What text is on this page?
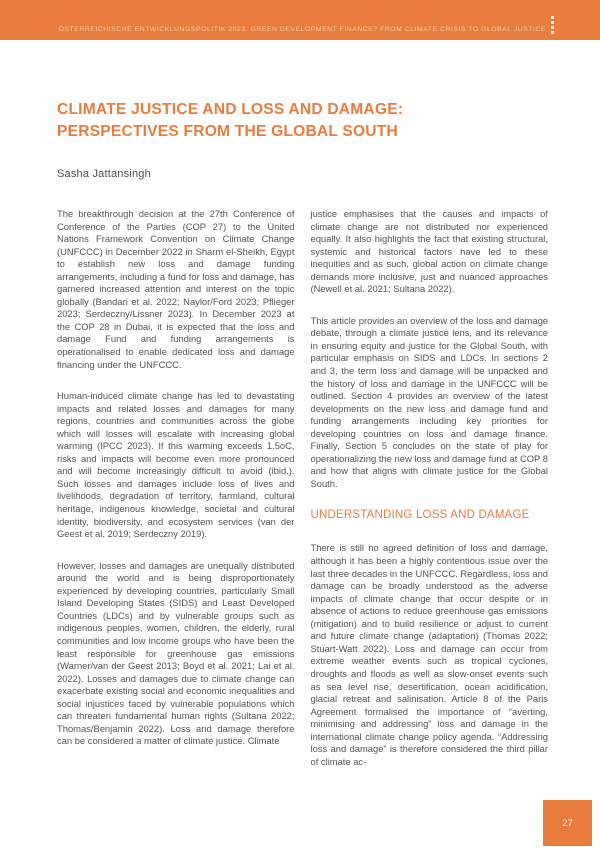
ÖSTERREICHISCHE ENTWICKLUNGSPOLITIK 2023. GREEN DEVELOPMENT FINANCE? FROM CLIMATE CRISIS TO GLOBAL JUSTICE
CLIMATE JUSTICE AND LOSS AND DAMAGE:
PERSPECTIVES FROM THE GLOBAL SOUTH
Sasha Jattansingh

The breakthrough decision at the 27th Conference of Conference of the Parties (COP 27) to the United Nations Framework Convention on Climate Change (UNFCCC) in December 2022 in Sharm el-Sheikh, Egypt to establish new loss and damage funding arrangements, including a fund for loss and damage, has garnered increased attention and interest on the topic globally (Bandari et al. 2022; Naylor/Ford 2023; Pflieger 2023; Serdeczny/Lissner 2023). In December 2023 at the COP 28 in Dubai, it is expected that the loss and damage Fund and funding arrangements is operationalised to enable dedicated loss and damage financing under the UNFCCC.

Human-induced climate change has led to devastating impacts and related losses and damages for many regions, countries and communities across the globe which will losses will escalate with increasing global warming (IPCC 2023). If this warming exceeds 1.5oC, risks and impacts will become even more pronounced and will become increasingly difficult to avoid (ibid.). Such losses and damages include loss of lives and livelihoods, degradation of territory, farmland, cultural heritage, indigenous knowledge, societal and cultural identity, biodiversity, and ecosystem services (van der Geest et al. 2019; Serdeczny 2019).

However, losses and damages are unequally distributed around the world and is being disproportionately experienced by developing countries, particularly Small Island Developing States (SIDS) and Least Developed Countries (LDCs) and by vulnerable groups such as indigenous peoples, women, children, the elderly, rural communities and low income groups who have been the least responsible for greenhouse gas emissions (Warner/van der Geest 2013; Boyd et al. 2021; Lai et al. 2022). Losses and damages due to climate change can exacerbate existing social and economic inequalities and social injustices faced by vulnerable populations which can threaten fundamental human rights (Sultana 2022; Thomas/Benjamin 2022). Loss and damage therefore can be considered a matter of climate justice. Climate

justice emphasises that the causes and impacts of climate change are not distributed nor experienced equally. It also highlights the fact that existing structural, systemic and historical factors have led to these inequities and as such, global action on climate change demands more inclusive, just and nuanced approaches (Newell et al. 2021; Sultana 2022).

This article provides an overview of the loss and damage debate, through a climate justice lens, and its relevance in ensuring equity and justice for the Global South, with particular emphasis on SIDS and LDCs. In sections 2 and 3, the term loss and damage will be unpacked and the history of loss and damage in the UNFCCC will be outlined. Section 4 provides an overview of the latest developments on the new loss and damage fund and funding arrangements including key priorities for developing countries on loss and damage finance. Finally, Section 5 concludes on the state of play for operationalizing the new loss and damage fund at COP 8 and how that aligns with climate justice for the Global South.

UNDERSTANDING LOSS AND DAMAGE

There is still no agreed definition of loss and damage, although it has been a highly contentious issue over the last three decades in the UNFCCC. Regardless, loss and damage can be broadly understood as the adverse impacts of climate change that occur despite or in absence of actions to reduce greenhouse gas emissions (mitigation) and to build resilience or adjust to current and future climate change (adaptation) (Thomas 2022; Stuart-Watt 2022). Loss and damage can occur from extreme weather events such as tropical cyclones, droughts and floods as well as slow-onset events such as sea level rise, desertification, ocean acidification, glacial retreat and salinisation. Article 8 of the Paris Agreement formalised the importance of “averting, minimising and addressing” loss and damage in the international climate change policy agenda. “Addressing loss and damage” is therefore considered the third pillar of climate ac-

27
